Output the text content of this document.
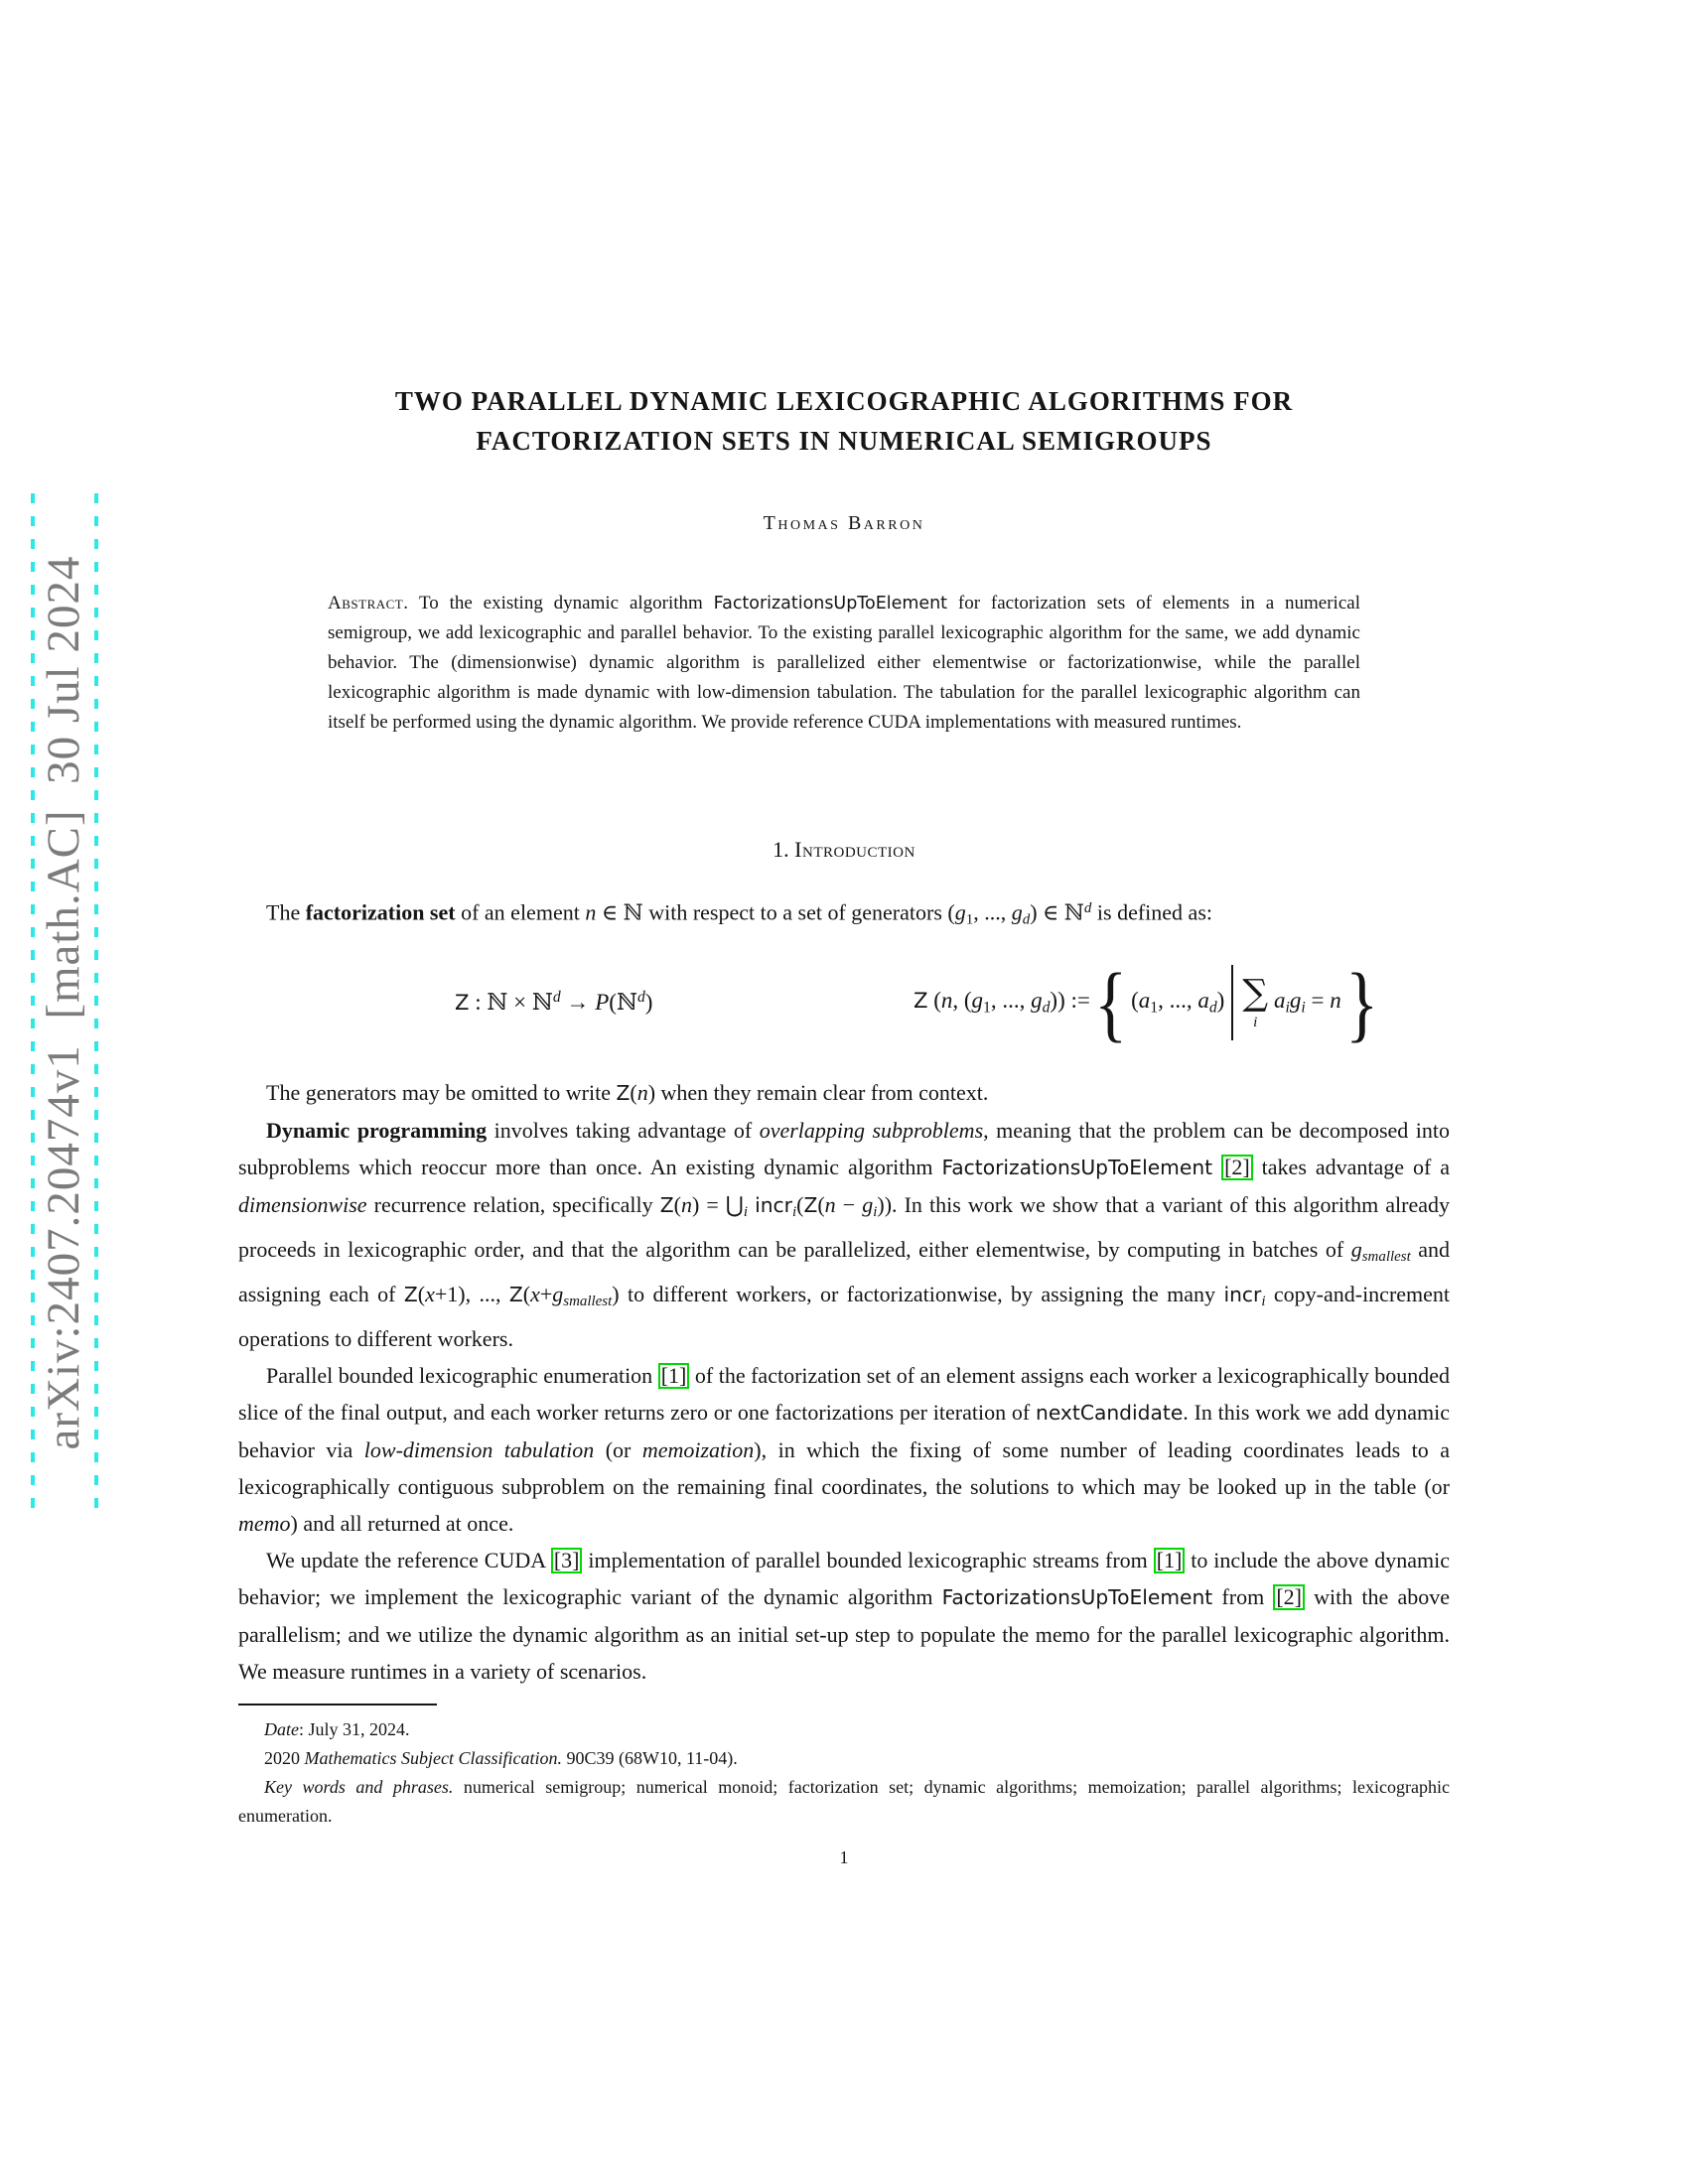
arXiv:2407.20474v1  [math.AC]  30 Jul 2024
TWO PARALLEL DYNAMIC LEXICOGRAPHIC ALGORITHMS FOR
FACTORIZATION SETS IN NUMERICAL SEMIGROUPS
Thomas Barron
Abstract. To the existing dynamic algorithm FactorizationsUpToElement for factorization sets of elements in a numerical semigroup, we add lexicographic and parallel behavior. To the existing parallel lexicographic algorithm for the same, we add dynamic behavior. The (dimensionwise) dynamic algorithm is parallelized either elementwise or factorizationwise, while the parallel lexicographic algorithm is made dynamic with low-dimension tabulation. The tabulation for the parallel lexicographic algorithm can itself be performed using the dynamic algorithm. We provide reference CUDA implementations with measured runtimes.
1. Introduction

The factorization set of an element n ∈ ℕ with respect to a set of generators (g1, ..., gd) ∈ ℕ$^d$ is defined as:

Z : ℕ × ℕ$^d$ → P(ℕ$^d$)	Z (n, (g1, ..., gd)) := { (a1, ..., ad) ∑
i
aigi = n }

The generators may be omitted to write Z(n) when they remain clear from context.

Dynamic programming involves taking advantage of overlapping subproblems, meaning that the problem can be decomposed into subproblems which reoccur more than once. An existing dynamic algorithm FactorizationsUpToElement [2] takes advantage of a dimensionwise recurrence relation, specifically Z(n) = ⋃i incri(Z(n − gi)). In this work we show that a variant of this algorithm already proceeds in lexicographic order, and that the algorithm can be parallelized, either elementwise, by computing in batches of gsmallest and assigning each of Z(x+1), ..., Z(x+gsmallest) to different workers, or factorizationwise, by assigning the many incri copy-and-increment operations to different workers.

Parallel bounded lexicographic enumeration [1] of the factorization set of an element assigns each worker a lexicographically bounded slice of the final output, and each worker returns zero or one factorizations per iteration of nextCandidate. In this work we add dynamic behavior via low-dimension tabulation (or memoization), in which the fixing of some number of leading coordinates leads to a lexicographically contiguous subproblem on the remaining final coordinates, the solutions to which may be looked up in the table (or memo) and all returned at once.

We update the reference CUDA [3] implementation of parallel bounded lexicographic streams from [1] to include the above dynamic behavior; we implement the lexicographic variant of the dynamic algorithm FactorizationsUpToElement from [2] with the above parallelism; and we utilize the dynamic algorithm as an initial set-up step to populate the memo for the parallel lexicographic algorithm. We measure runtimes in a variety of scenarios.

Date: July 31, 2024.

2020 Mathematics Subject Classification. 90C39 (68W10, 11-04).

Key words and phrases. numerical semigroup; numerical monoid; factorization set; dynamic algorithms; memoization; parallel algorithms; lexicographic enumeration.

1
